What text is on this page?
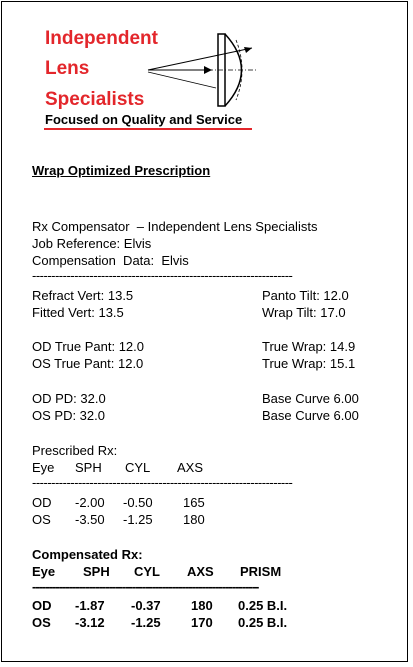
Independent
Lens
Specialists
Focused on Quality and Service
Wrap Optimized Prescription
Rx Compensator  – Independent Lens Specialists
Job Reference: Elvis
Compensation  Data:  Elvis
--------------------------------------------------------------------
Refract Vert: 13.5	Panto Tilt: 12.0
Fitted Vert: 13.5	Wrap Tilt: 17.0
OD True Pant: 12.0	True Wrap: 14.9
OS True Pant: 12.0	True Wrap: 15.1
OD PD: 32.0	Base Curve 6.00
OS PD: 32.0	Base Curve 6.00
Prescribed Rx:
Eye SPH CYL AXS
--------------------------------------------------------------------
OD -2.00 -0.50 165
OS -3.50 -1.25 180
Compensated Rx:
Eye SPH CYL AXS PRISM
--------------------------------------------------------------------
OD -1.87 -0.37 180 0.25 B.I.
OS -3.12 -1.25 170 0.25 B.I.
